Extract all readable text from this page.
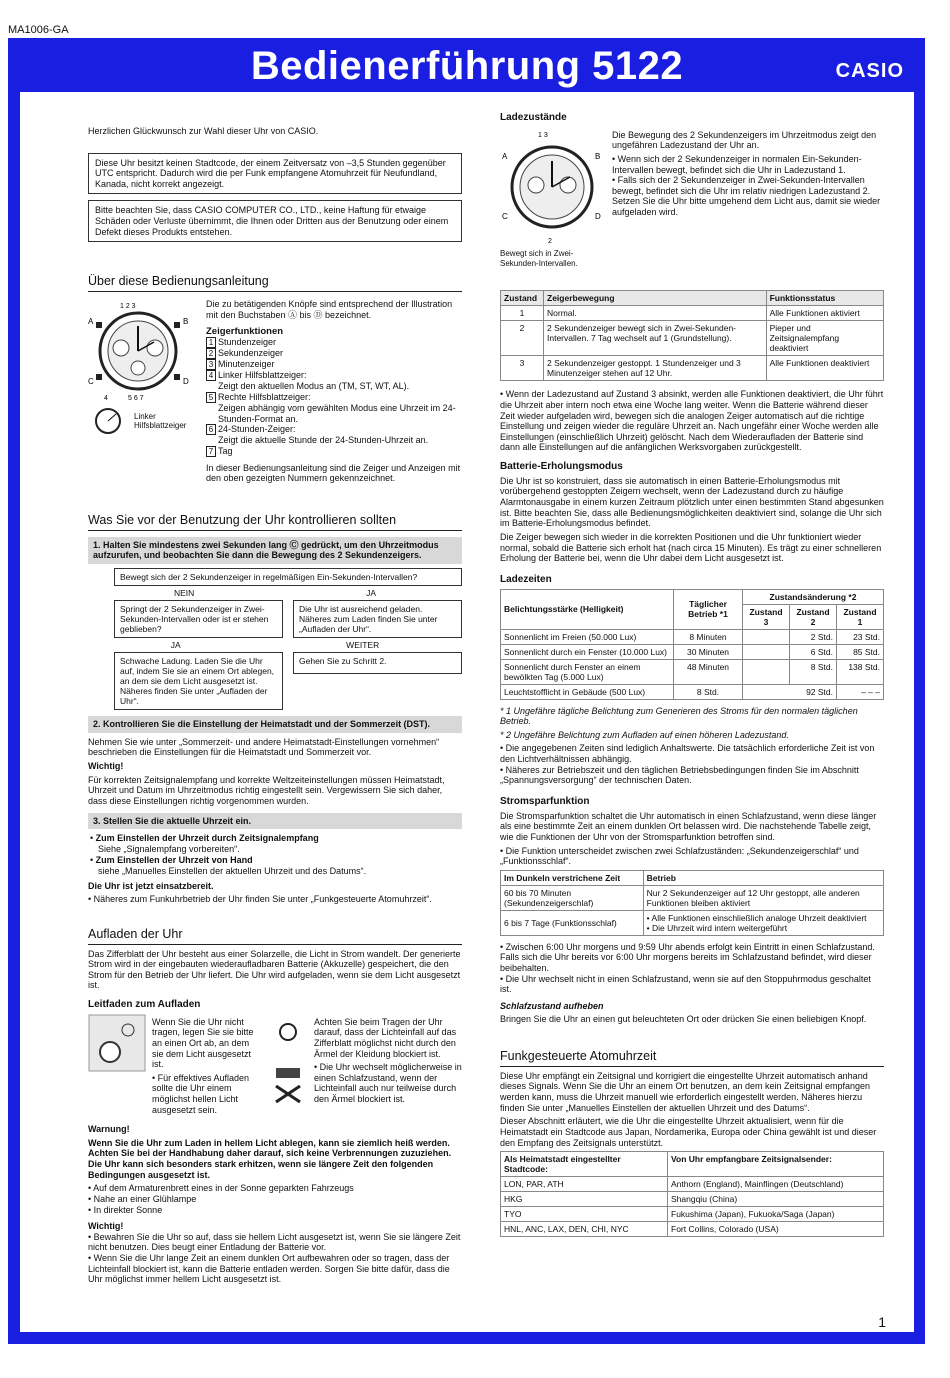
MA1006-GA
Bedienerführung 5122	CASIO

Herzlichen Glückwunsch zur Wahl dieser Uhr von CASIO.

Diese Uhr besitzt keinen Stadtcode, der einem Zeitversatz von –3,5 Stunden gegenüber UTC entspricht. Dadurch wird die per Funk empfangene Atomuhrzeit für Neufundland, Kanada, nicht korrekt angezeigt.
Bitte beachten Sie, dass CASIO COMPUTER CO., LTD., keine Haftung für etwaige Schäden oder Verluste übernimmt, die Ihnen oder Dritten aus der Benutzung oder einem Defekt dieses Produkts entstehen.
Über diese Bedienungsanleitung
A	B
C	D
1 2 3
5 6 7
4
Linker Hilfsblattzeiger

Die zu betätigenden Knöpfe sind entsprechend der Illustration mit den Buchstaben Ⓐ bis Ⓓ bezeichnet.

Zeigerfunktionen
1 Stundenzeiger
2 Sekundenzeiger
3 Minutenzeiger
4 Linker Hilfsblattzeiger:
Zeigt den aktuellen Modus an (TM, ST, WT, AL).
5 Rechte Hilfsblattzeiger:
Zeigen abhängig vom gewählten Modus eine Uhrzeit im 24-Stunden-Format an.
6 24-Stunden-Zeiger:
Zeigt die aktuelle Stunde der 24-Stunden-Uhrzeit an.
7 Tag

In dieser Bedienungsanleitung sind die Zeiger und Anzeigen mit den oben gezeigten Nummern gekennzeichnet.

Was Sie vor der Benutzung der Uhr kontrollieren sollten
1. Halten Sie mindestens zwei Sekunden lang Ⓒ gedrückt, um den Uhrzeitmodus aufzurufen, und beobachten Sie dann die Bewegung des 2 Sekundenzeigers.
Bewegt sich der 2 Sekundenzeiger in regelmäßigen Ein-Sekunden-Intervallen?
NEIN	JA
Springt der 2 Sekundenzeiger in Zwei-Sekunden-Intervallen oder ist er stehen geblieben?
Die Uhr ist ausreichend geladen. Näheres zum Laden finden Sie unter „Aufladen der Uhr“.
JA	WEITER
Schwache Ladung. Laden Sie die Uhr auf, indem Sie sie an einem Ort ablegen, an dem sie dem Licht ausgesetzt ist. Näheres finden Sie unter „Aufladen der Uhr“.
Gehen Sie zu Schritt 2.
2. Kontrollieren Sie die Einstellung der Heimatstadt und der Sommerzeit (DST).

Nehmen Sie wie unter „Sommerzeit- und andere Heimatstadt-Einstellungen vornehmen“ beschrieben die Einstellungen für die Heimatstadt und Sommerzeit vor.

Wichtig!

Für korrekten Zeitsignalempfang und korrekte Weltzeiteinstellungen müssen Heimatstadt, Uhrzeit und Datum im Uhrzeitmodus richtig eingestellt sein. Vergewissern Sie sich daher, dass diese Einstellungen richtig vorgenommen wurden.

3. Stellen Sie die aktuelle Uhrzeit ein.
• Zum Einstellen der Uhrzeit durch Zeitsignalempfang
Siehe „Signalempfang vorbereiten“.
• Zum Einstellen der Uhrzeit von Hand
siehe „Manuelles Einstellen der aktuellen Uhrzeit und des Datums“.
Die Uhr ist jetzt einsatzbereit.

• Näheres zum Funkuhrbetrieb der Uhr finden Sie unter „Funkgesteuerte Atomuhrzeit“.

Aufladen der Uhr

Das Zifferblatt der Uhr besteht aus einer Solarzelle, die Licht in Strom wandelt. Der generierte Strom wird in der eingebauten wiederaufladbaren Batterie (Akkuzelle) gespeichert, die den Strom für den Betrieb der Uhr liefert. Die Uhr wird aufgeladen, wenn sie dem Licht ausgesetzt ist.

Leitfaden zum Aufladen

Wenn Sie die Uhr nicht tragen, legen Sie sie bitte an einen Ort ab, an dem sie dem Licht ausgesetzt ist.

• Für effektives Aufladen sollte die Uhr einem möglichst hellen Licht ausgesetzt sein.

Achten Sie beim Tragen der Uhr darauf, dass der Lichteinfall auf das Zifferblatt möglichst nicht durch den Ärmel der Kleidung blockiert ist.

• Die Uhr wechselt möglicherweise in einen Schlafzustand, wenn der Lichteinfall auch nur teilweise durch den Ärmel blockiert ist.

Warnung!

Wenn Sie die Uhr zum Laden in hellem Licht ablegen, kann sie ziemlich heiß werden. Achten Sie bei der Handhabung daher darauf, sich keine Verbrennungen zuzuziehen. Die Uhr kann sich besonders stark erhitzen, wenn sie längere Zeit den folgenden Bedingungen ausgesetzt ist.

• Auf dem Armaturenbrett eines in der Sonne geparkten Fahrzeugs
• Nahe an einer Glühlampe
• In direkter Sonne
Wichtig!
• Bewahren Sie die Uhr so auf, dass sie hellem Licht ausgesetzt ist, wenn Sie sie längere Zeit nicht benutzen. Dies beugt einer Entladung der Batterie vor.
• Wenn Sie die Uhr lange Zeit an einem dunklen Ort aufbewahren oder so tragen, dass der Lichteinfall blockiert ist, kann die Batterie entladen werden. Sorgen Sie bitte dafür, dass die Uhr möglichst immer hellem Licht ausgesetzt ist.
Ladezustände
A	B
C	D
1 3
2
Bewegt sich in Zwei-Sekunden-Intervallen.

Die Bewegung des 2 Sekundenzeigers im Uhrzeitmodus zeigt den ungefähren Ladezustand der Uhr an.

• Wenn sich der 2 Sekundenzeiger in normalen Ein-Sekunden-Intervallen bewegt, befindet sich die Uhr in Ladezustand 1.
• Falls sich der 2 Sekundenzeiger in Zwei-Sekunden-Intervallen bewegt, befindet sich die Uhr im relativ niedrigen Ladezustand 2. Setzen Sie die Uhr bitte umgehend dem Licht aus, damit sie wieder aufgeladen wird.
Zustand	Zeigerbewegung	Funktionsstatus
1	Normal.	Alle Funktionen aktiviert
2	2 Sekundenzeiger bewegt sich in Zwei-Sekunden-Intervallen. 7 Tag wechselt auf 1 (Grundstellung).	Pieper und Zeitsignalempfang deaktiviert
3	2 Sekundenzeiger gestoppt. 1 Stundenzeiger und 3 Minutenzeiger stehen auf 12 Uhr.	Alle Funktionen deaktiviert

• Wenn der Ladezustand auf Zustand 3 absinkt, werden alle Funktionen deaktiviert, die Uhr führt die Uhrzeit aber intern noch etwa eine Woche lang weiter. Wenn die Batterie während dieser Zeit wieder aufgeladen wird, bewegen sich die analogen Zeiger automatisch auf die richtige Einstellung und zeigen wieder die reguläre Uhrzeit an. Nach ungefähr einer Woche werden alle Einstellungen (einschließlich Uhrzeit) gelöscht. Nach dem Wiederaufladen der Batterie sind dann alle Einstellungen auf die anfänglichen Werksvorgaben zurückgestellt.

Batterie-Erholungsmodus

Die Uhr ist so konstruiert, dass sie automatisch in einen Batterie-Erholungsmodus mit vorübergehend gestoppten Zeigern wechselt, wenn der Ladezustand durch zu häufige Alarmtonausgabe in einem kurzen Zeitraum plötzlich unter einen bestimmten Stand abgesunken ist. Bitte beachten Sie, dass alle Bedienungsmöglichkeiten deaktiviert sind, solange die Uhr sich im Batterie-Erholungsmodus befindet.

Die Zeiger bewegen sich wieder in die korrekten Positionen und die Uhr funktioniert wieder normal, sobald die Batterie sich erholt hat (nach circa 15 Minuten). Es trägt zu einer schnelleren Erholung der Batterie bei, wenn die Uhr dabei dem Licht ausgesetzt ist.

Ladezeiten
Belichtungsstärke (Helligkeit)	Täglicher Betrieb *1	Zustandsänderung *2		
		Zustand 3	Zustand 2	Zustand 1
Sonnenlicht im Freien (50.000 Lux)	8 Minuten		2 Std.	23 Std.
Sonnenlicht durch ein Fenster (10.000 Lux)	30 Minuten		6 Std.	85 Std.
Sonnenlicht durch Fenster an einem bewölkten Tag (5.000 Lux)	48 Minuten		8 Std.	138 Std.
Leuchtstofflicht in Gebäude (500 Lux)	8 Std.	92 Std.		– – –

* 1 Ungefähre tägliche Belichtung zum Generieren des Stroms für den normalen täglichen Betrieb.

* 2 Ungefähre Belichtung zum Aufladen auf einen höheren Ladezustand.

• Die angegebenen Zeiten sind lediglich Anhaltswerte. Die tatsächlich erforderliche Zeit ist von den Lichtverhältnissen abhängig.
• Näheres zur Betriebszeit und den täglichen Betriebsbedingungen finden Sie im Abschnitt „Spannungsversorgung“ der technischen Daten.
Stromsparfunktion

Die Stromsparfunktion schaltet die Uhr automatisch in einen Schlafzustand, wenn diese länger als eine bestimmte Zeit an einem dunklen Ort belassen wird. Die nachstehende Tabelle zeigt, wie die Funktionen der Uhr von der Stromsparfunktion betroffen sind.

• Die Funktion unterscheidet zwischen zwei Schlafzuständen: „Sekundenzeigerschlaf“ und „Funktionsschlaf“.
Im Dunkeln verstrichene Zeit	Betrieb
60 bis 70 Minuten (Sekundenzeigerschlaf)	Nur 2 Sekundenzeiger auf 12 Uhr gestoppt, alle anderen Funktionen bleiben aktiviert
6 bis 7 Tage (Funktionsschlaf)	• Alle Funktionen einschließlich analoge Uhrzeit deaktiviert
• Die Uhrzeit wird intern weitergeführt
• Zwischen 6:00 Uhr morgens und 9:59 Uhr abends erfolgt kein Eintritt in einen Schlafzustand. Falls sich die Uhr bereits vor 6:00 Uhr morgens bereits im Schlafzustand befindet, wird dieser beibehalten.
• Die Uhr wechselt nicht in einen Schlafzustand, wenn sie auf den Stoppuhrmodus geschaltet ist.
Schlafzustand aufheben

Bringen Sie die Uhr an einen gut beleuchteten Ort oder drücken Sie einen beliebigen Knopf.

Funkgesteuerte Atomuhrzeit

Diese Uhr empfängt ein Zeitsignal und korrigiert die eingestellte Uhrzeit automatisch anhand dieses Signals. Wenn Sie die Uhr an einem Ort benutzen, an dem kein Zeitsignal empfangen werden kann, muss die Uhrzeit manuell wie erforderlich eingestellt werden. Näheres hierzu finden Sie unter „Manuelles Einstellen der aktuellen Uhrzeit und des Datums“.

Dieser Abschnitt erläutert, wie die Uhr die eingestellte Uhrzeit aktualisiert, wenn für die Heimatstadt ein Stadtcode aus Japan, Nordamerika, Europa oder China gewählt ist und dieser den Empfang des Zeitsignals unterstützt.

Als Heimatstadt eingestellter Stadtcode:	Von Uhr empfangbare Zeitsignalsender:
LON, PAR, ATH	Anthorn (England), Mainflingen (Deutschland)
HKG	Shangqiu (China)
TYO	Fukushima (Japan), Fukuoka/Saga (Japan)
HNL, ANC, LAX, DEN, CHI, NYC	Fort Collins, Colorado (USA)
1
